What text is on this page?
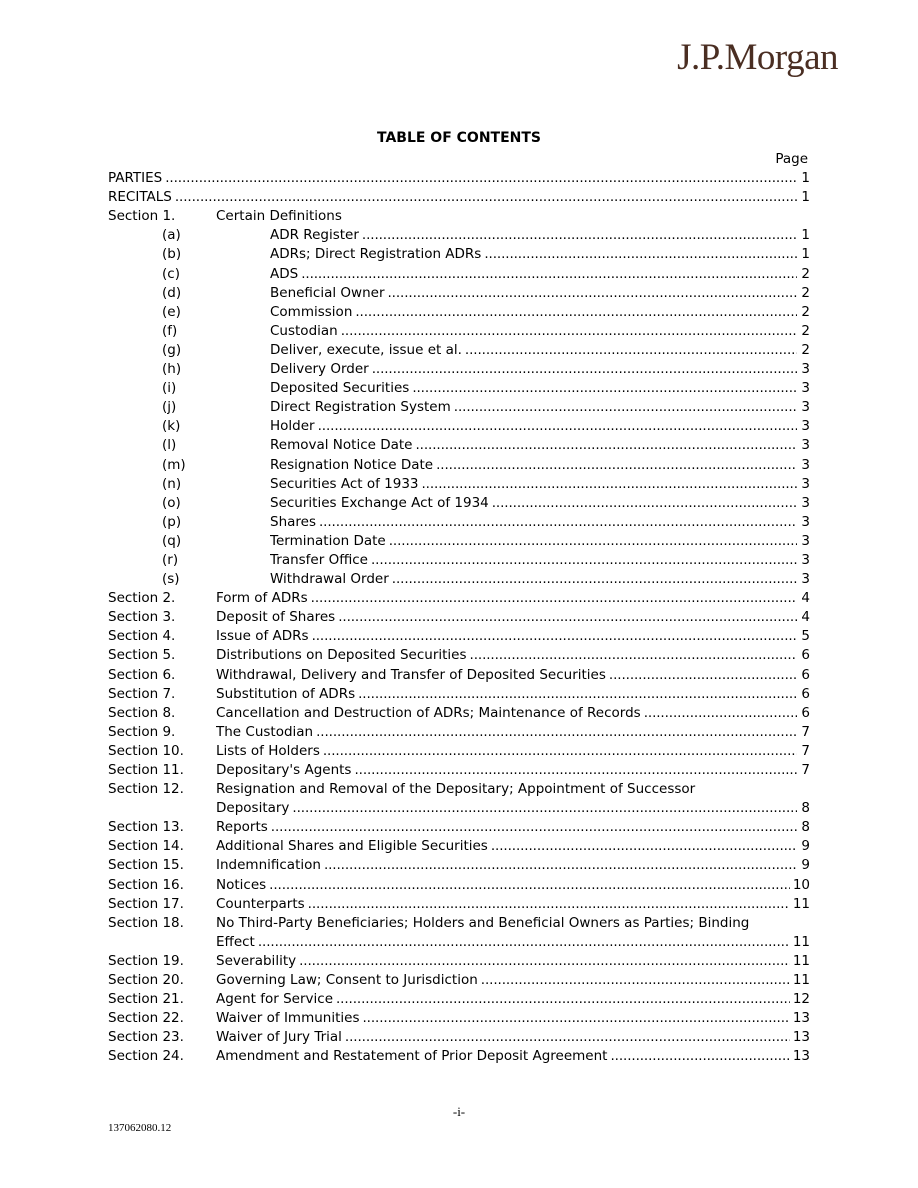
J.P.Morgan
TABLE OF CONTENTS
Page
PARTIES . . .	1
RECITALS . . .	1
Section 1.	Certain Definitions
(a)	ADR Register . . .	1
(b)	ADRs; Direct Registration ADRs . . .	1
(c)	ADS . . .	2
(d)	Beneficial Owner . . .	2
(e)	Commission . . .	2
(f)	Custodian . . .	2
(g)	Deliver, execute, issue et al. . . .	2
(h)	Delivery Order . . .	3
(i)	Deposited Securities . . .	3
(j)	Direct Registration System . . .	3
(k)	Holder . . .	3
(l)	Removal Notice Date . . .	3
(m)	Resignation Notice Date . . .	3
(n)	Securities Act of 1933 . . .	3
(o)	Securities Exchange Act of 1934 . . .	3
(p)	Shares . . .	3
(q)	Termination Date . . .	3
(r)	Transfer Office . . .	3
(s)	Withdrawal Order . . .	3
Section 2.	Form of ADRs . . .	4
Section 3.	Deposit of Shares . . .	4
Section 4.	Issue of ADRs . . .	5
Section 5.	Distributions on Deposited Securities . . .	6
Section 6.	Withdrawal, Delivery and Transfer of Deposited Securities . . .	6
Section 7.	Substitution of ADRs . . .	6
Section 8.	Cancellation and Destruction of ADRs; Maintenance of Records . . .	6
Section 9.	The Custodian . . .	7
Section 10. Lists of Holders . . .	7
Section 11. Depositary's Agents . . .	7
Section 12. Resignation and Removal of the Depositary; Appointment of Successor
Depositary . . .	8
Section 13. Reports . . .	8
Section 14. Additional Shares and Eligible Securities . . .	9
Section 15. Indemnification . . .	9
Section 16. Notices . . .	10
Section 17. Counterparts . . .	11
Section 18. No Third-Party Beneficiaries; Holders and Beneficial Owners as Parties; Binding
Effect . . .	11
Section 19. Severability . . .	11
Section 20. Governing Law; Consent to Jurisdiction . . .	11
Section 21. Agent for Service . . .	12
Section 22. Waiver of Immunities . . .	13
Section 23. Waiver of Jury Trial . . .	13
Section 24. Amendment and Restatement of Prior Deposit Agreement . . .	13
-i-
137062080.12
